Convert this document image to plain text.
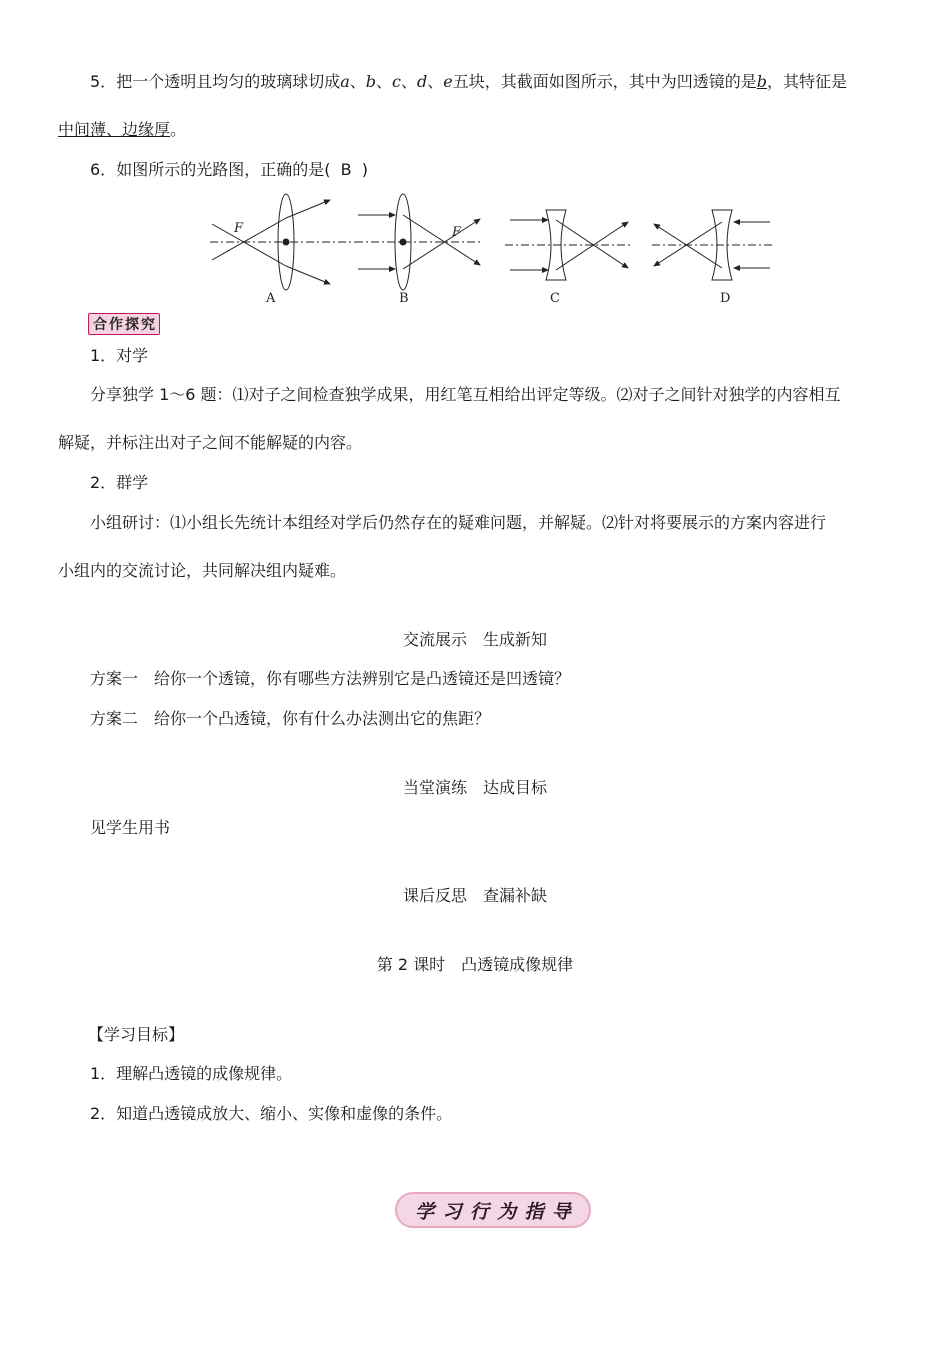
5．把一个透明且均匀的玻璃球切成a、b、c、d、e五块，其截面如图所示，其中为凹透镜的是b，其特征是
中间薄、边缘厚。
6．如图所示的光路图，正确的是( B )
F
A
F
B	C	D
合 作 探 究
1．对学
分享独学 1～6 题：⑴对子之间检查独学成果，用红笔互相给出评定等级。⑵对子之间针对独学的内容相互
解疑，并标注出对子之间不能解疑的内容。
2．群学
小组研讨：⑴小组长先统计本组经对学后仍然存在的疑难问题，并解疑。⑵针对将要展示的方案内容进行
小组内的交流讨论，共同解决组内疑难。
交流展示　生成新知
方案一　给你一个透镜，你有哪些方法辨别它是凸透镜还是凹透镜？
方案二　给你一个凸透镜，你有什么办法测出它的焦距？
当堂演练　达成目标
见学生用书
课后反思　查漏补缺
第 2 课时　凸透镜成像规律
【学习目标】
1．理解凸透镜的成像规律。
2．知道凸透镜成放大、缩小、实像和虚像的条件。
学 习 行 为 指 导
